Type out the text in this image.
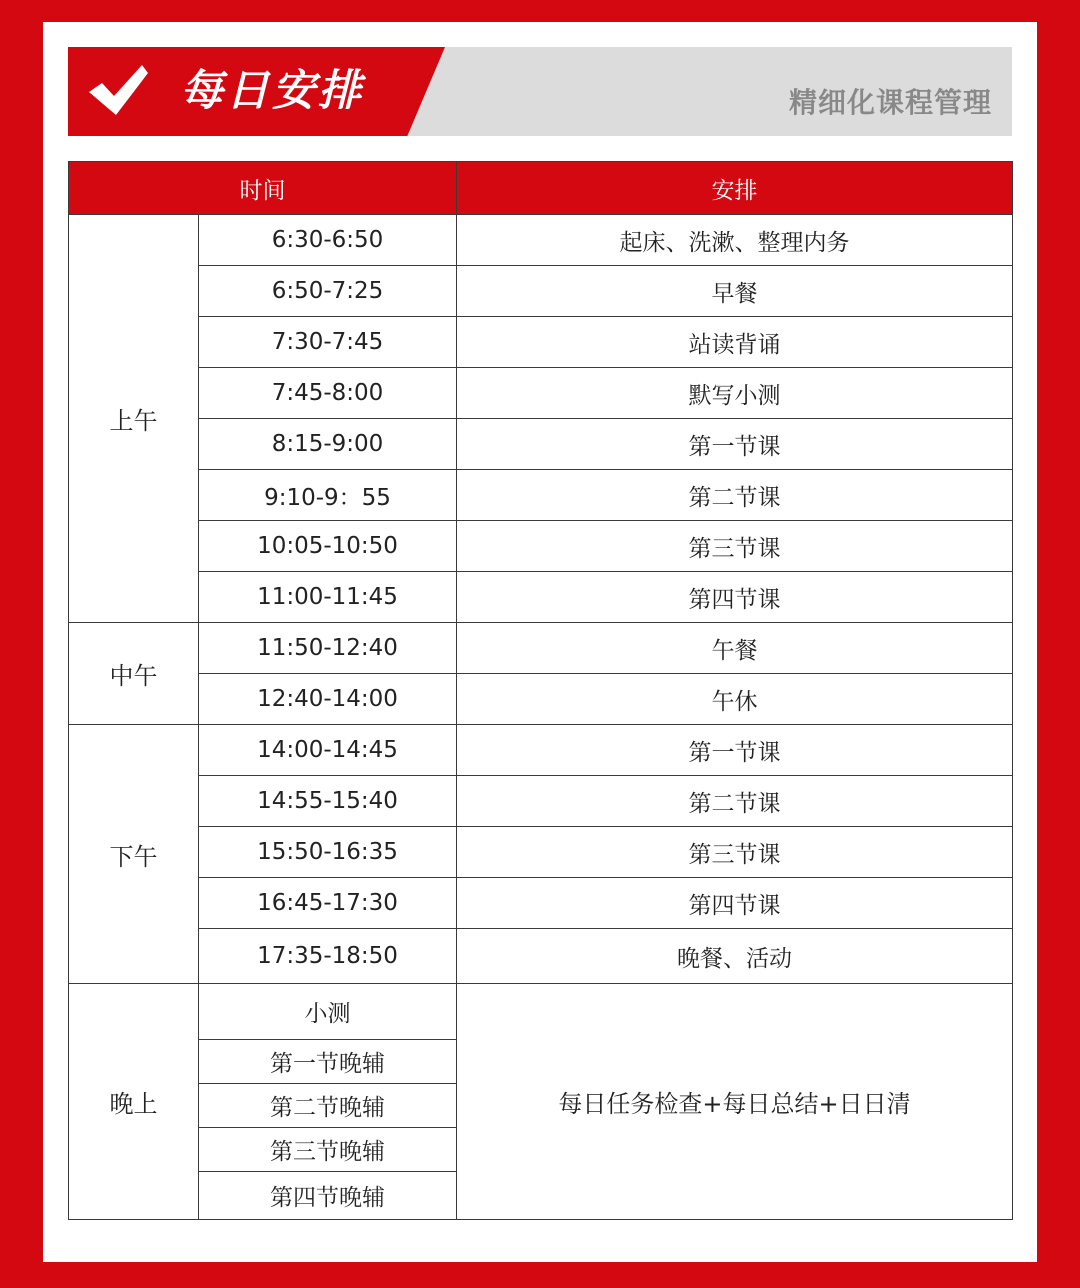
每日安排	精细化课程管理
时间		安排
上午	6:30-6:50	起床、洗漱、整理内务
	6:50-7:25	早餐
	7:30-7:45	站读背诵
	7:45-8:00	默写小测
	8:15-9:00	第一节课
	9:10-9：55	第二节课
	10:05-10:50	第三节课
	11:00-11:45	第四节课
中午	11:50-12:40	午餐
	12:40-14:00	午休
下午	14:00-14:45	第一节课
	14:55-15:40	第二节课
	15:50-16:35	第三节课
	16:45-17:30	第四节课
	17:35-18:50	晚餐、活动
晚上	小测	每日任务检查+每日总结+日日清
	第一节晚辅	
	第二节晚辅	
	第三节晚辅	
	第四节晚辅	
